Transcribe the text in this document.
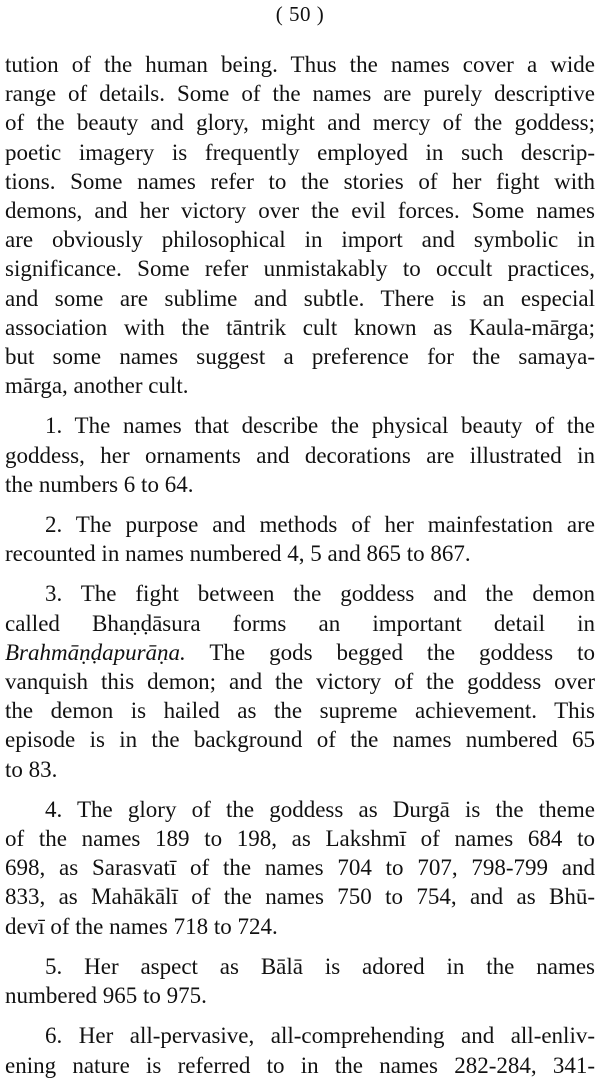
( 50 )
tution of the human being. Thus the names cover a wide
range of details. Some of the names are purely descriptive
of the beauty and glory, might and mercy of the goddess;
poetic imagery is frequently employed in such descrip-
tions. Some names refer to the stories of her fight with
demons, and her victory over the evil forces. Some names
are obviously philosophical in import and symbolic in
significance. Some refer unmistakably to occult practices,
and some are sublime and subtle. There is an especial
association with the tāntrik cult known as Kaula-mārga;
but some names suggest a preference for the samaya-
mārga, another cult.
1. The names that describe the physical beauty of the
goddess, her ornaments and decorations are illustrated in
the numbers 6 to 64.
2. The purpose and methods of her mainfestation are
recounted in names numbered 4, 5 and 865 to 867.
3. The fight between the goddess and the demon
called Bhaṇḍāsura forms an important detail in
Brahmāṇḍapurāṇa. The gods begged the goddess to
vanquish this demon; and the victory of the goddess over
the demon is hailed as the supreme achievement. This
episode is in the background of the names numbered 65
to 83.
4. The glory of the goddess as Durgā is the theme
of the names 189 to 198, as Lakshmī of names 684 to
698, as Sarasvatī of the names 704 to 707, 798-799 and
833, as Mahākālī of the names 750 to 754, and as Bhū-
devī of the names 718 to 724.
5. Her aspect as Bālā is adored in the names
numbered 965 to 975.
6. Her all-pervasive, all-comprehending and all-enliv-
ening nature is referred to in the names 282-284, 341-
